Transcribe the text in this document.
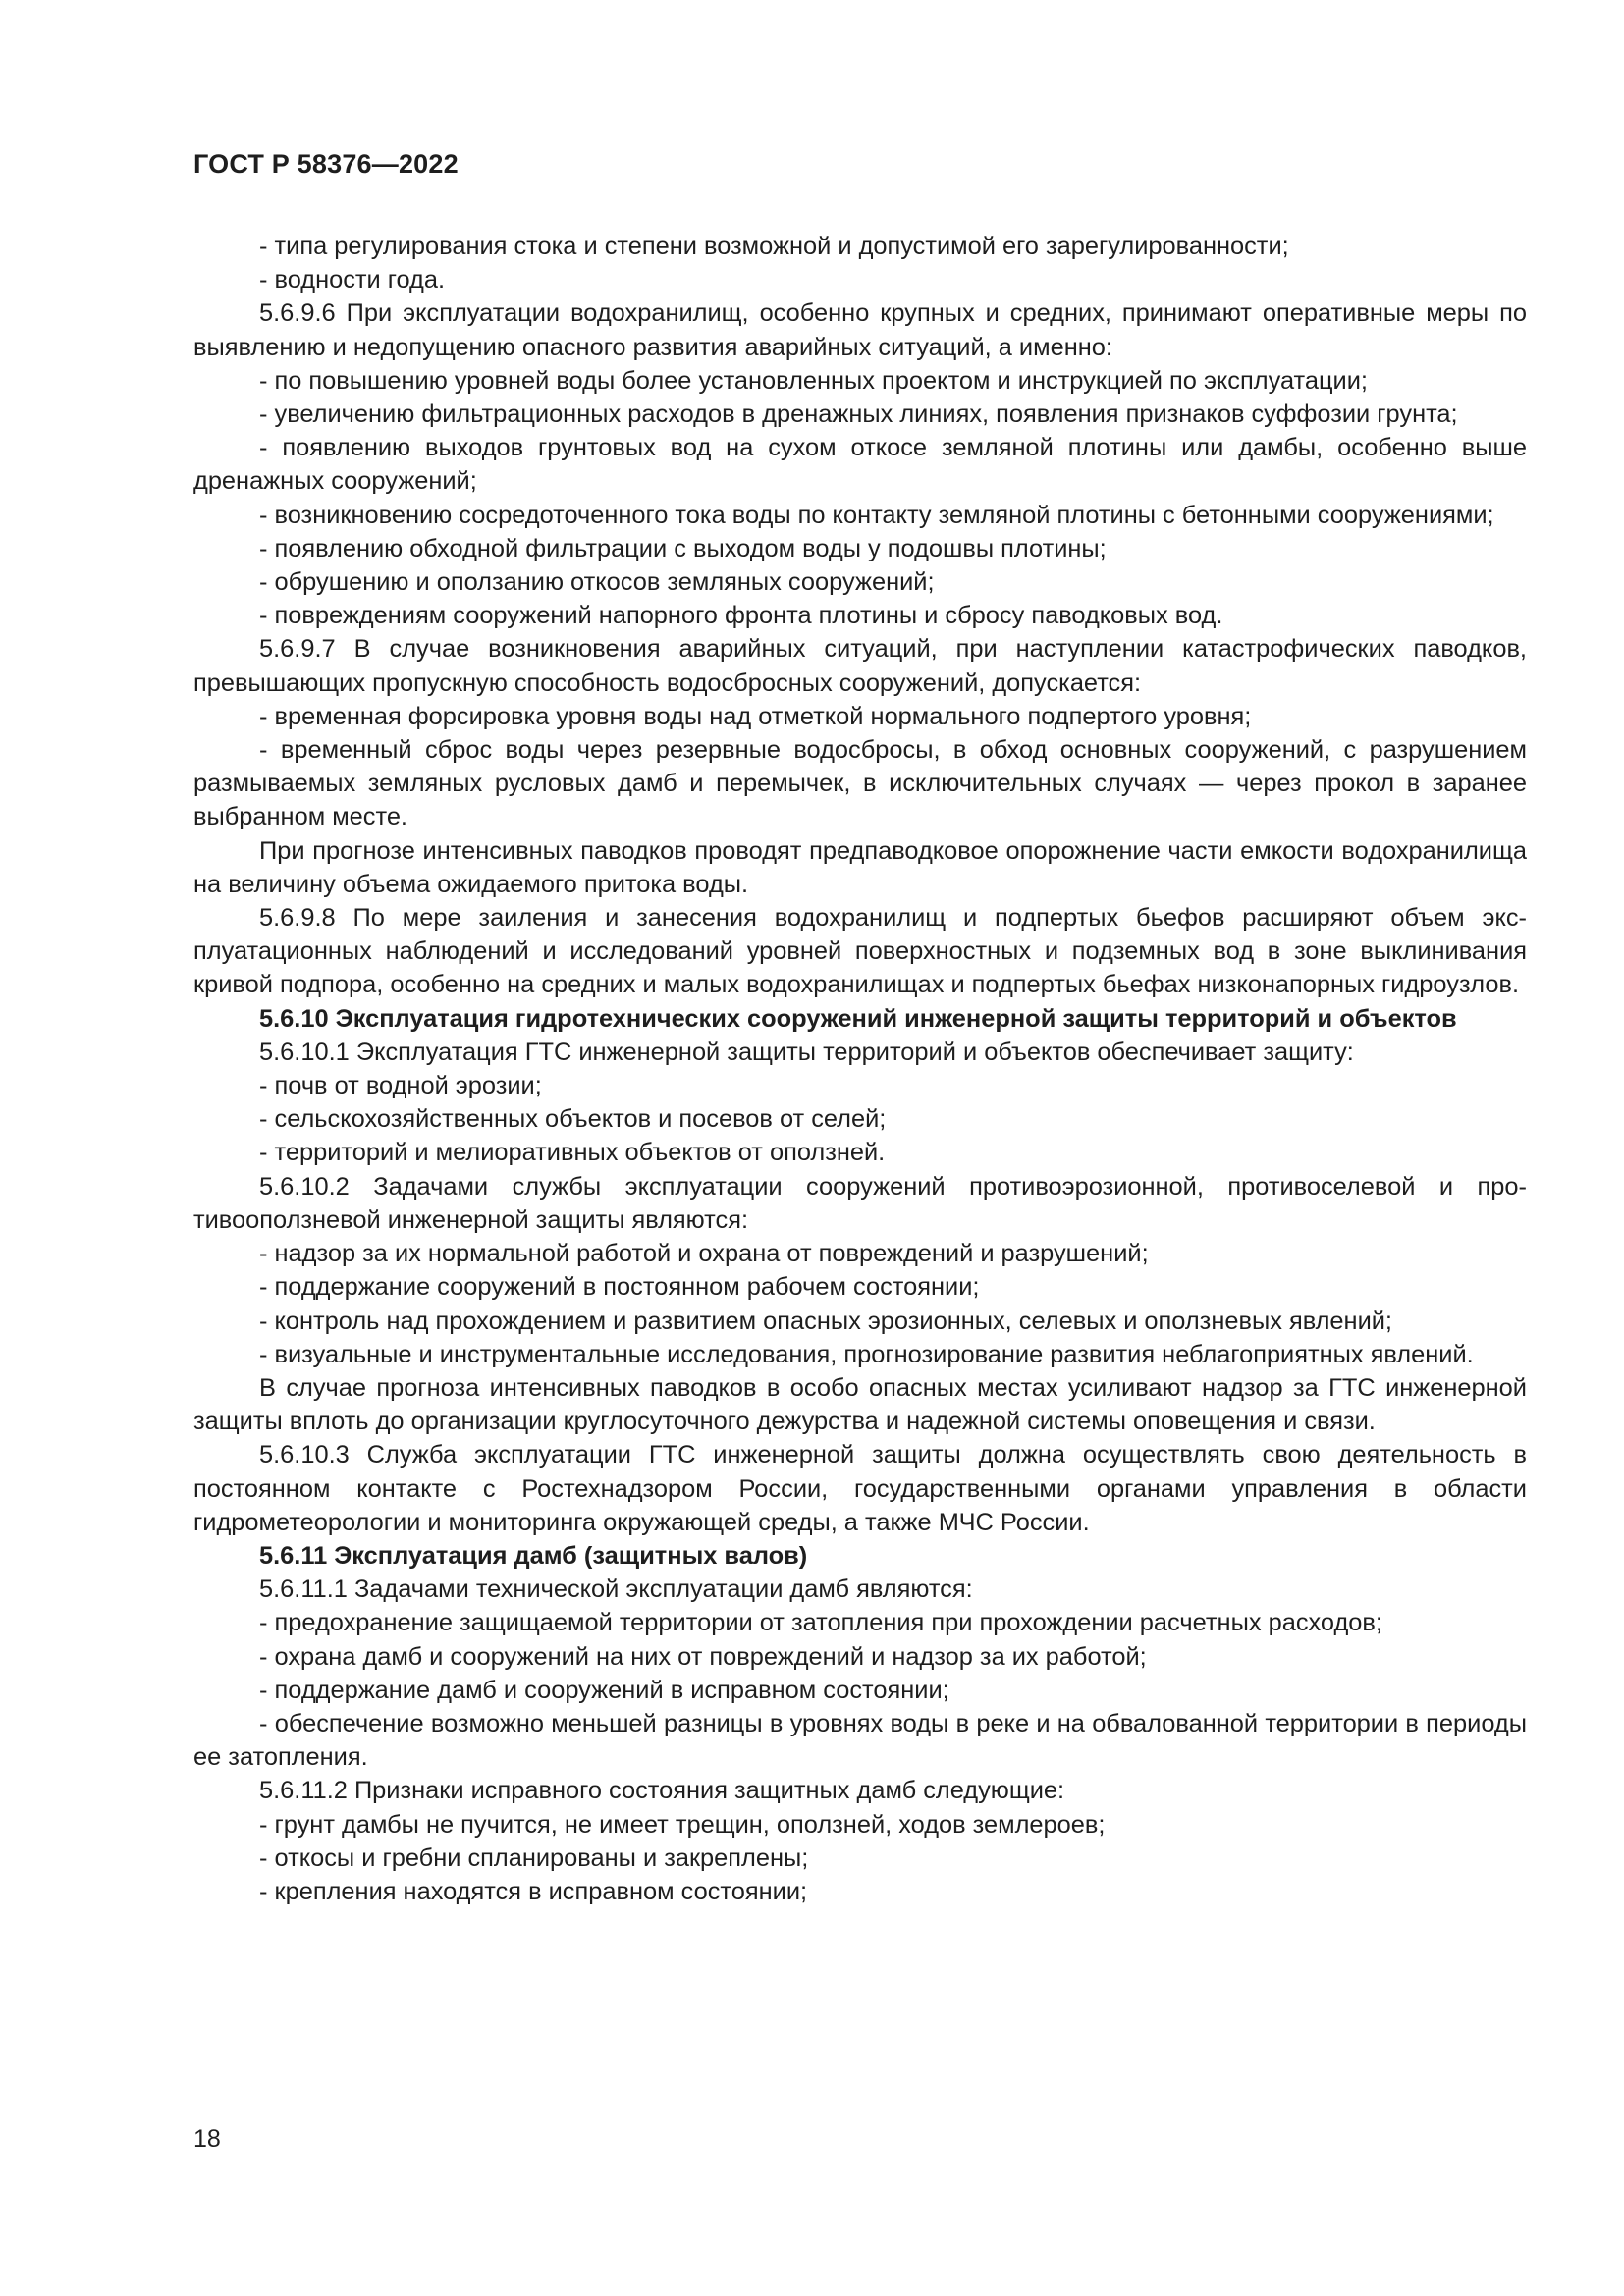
ГОСТ Р 58376—2022

- типа регулирования стока и степени возможной и допустимой его зарегулированности;

- водности года.

5.6.9.6 При эксплуатации водохранилищ, особенно крупных и средних, принимают оперативные меры по выявлению и недопущению опасного развития аварийных ситуаций, а именно:

- по повышению уровней воды более установленных проектом и инструкцией по эксплуатации;

- увеличению фильтрационных расходов в дренажных линиях, появления признаков суффозии грунта;

- появлению выходов грунтовых вод на сухом откосе земляной плотины или дамбы, особенно выше дренажных сооружений;

- возникновению сосредоточенного тока воды по контакту земляной плотины с бетонными сооружениями;

- появлению обходной фильтрации с выходом воды у подошвы плотины;

- обрушению и оползанию откосов земляных сооружений;

- повреждениям сооружений напорного фронта плотины и сбросу паводковых вод.

5.6.9.7 В случае возникновения аварийных ситуаций, при наступлении катастрофических паводков, превышающих пропускную способность водосбросных сооружений, допускается:

- временная форсировка уровня воды над отметкой нормального подпертого уровня;

- временный сброс воды через резервные водосбросы, в обход основных сооружений, с разрушением размываемых земляных русловых дамб и перемычек, в исключительных случаях — через прокол в заранее выбранном месте.

При прогнозе интенсивных паводков проводят предпаводковое опорожнение части емкости водохранилища на величину объема ожидаемого притока воды.

5.6.9.8 По мере заиления и занесения водохранилищ и подпертых бьефов расширяют объем эксплуатационных наблюдений и исследований уровней поверхностных и подземных вод в зоне выклинивания кривой подпора, особенно на средних и малых водохранилищах и подпертых бьефах низконапорных гидроузлов.

5.6.10 Эксплуатация гидротехнических сооружений инженерной защиты территорий и объектов

5.6.10.1 Эксплуатация ГТС инженерной защиты территорий и объектов обеспечивает защиту:

- почв от водной эрозии;

- сельскохозяйственных объектов и посевов от селей;

- территорий и мелиоративных объектов от оползней.

5.6.10.2 Задачами службы эксплуатации сооружений противоэрозионной, противоселевой и противооползневой инженерной защиты являются:

- надзор за их нормальной работой и охрана от повреждений и разрушений;

- поддержание сооружений в постоянном рабочем состоянии;

- контроль над прохождением и развитием опасных эрозионных, селевых и оползневых явлений;

- визуальные и инструментальные исследования, прогнозирование развития неблагоприятных явлений.

В случае прогноза интенсивных паводков в особо опасных местах усиливают надзор за ГТС инженерной защиты вплоть до организации круглосуточного дежурства и надежной системы оповещения и связи.

5.6.10.3 Служба эксплуатации ГТС инженерной защиты должна осуществлять свою деятельность в постоянном контакте с Ростехнадзором России, государственными органами управления в области гидрометеорологии и мониторинга окружающей среды, а также МЧС России.

5.6.11 Эксплуатация дамб (защитных валов)

5.6.11.1 Задачами технической эксплуатации дамб являются:

- предохранение защищаемой территории от затопления при прохождении расчетных расходов;

- охрана дамб и сооружений на них от повреждений и надзор за их работой;

- поддержание дамб и сооружений в исправном состоянии;

- обеспечение возможно меньшей разницы в уровнях воды в реке и на обвалованной территории в периоды ее затопления.

5.6.11.2 Признаки исправного состояния защитных дамб следующие:

- грунт дамбы не пучится, не имеет трещин, оползней, ходов землероев;

- откосы и гребни спланированы и закреплены;

- крепления находятся в исправном состоянии;

18
